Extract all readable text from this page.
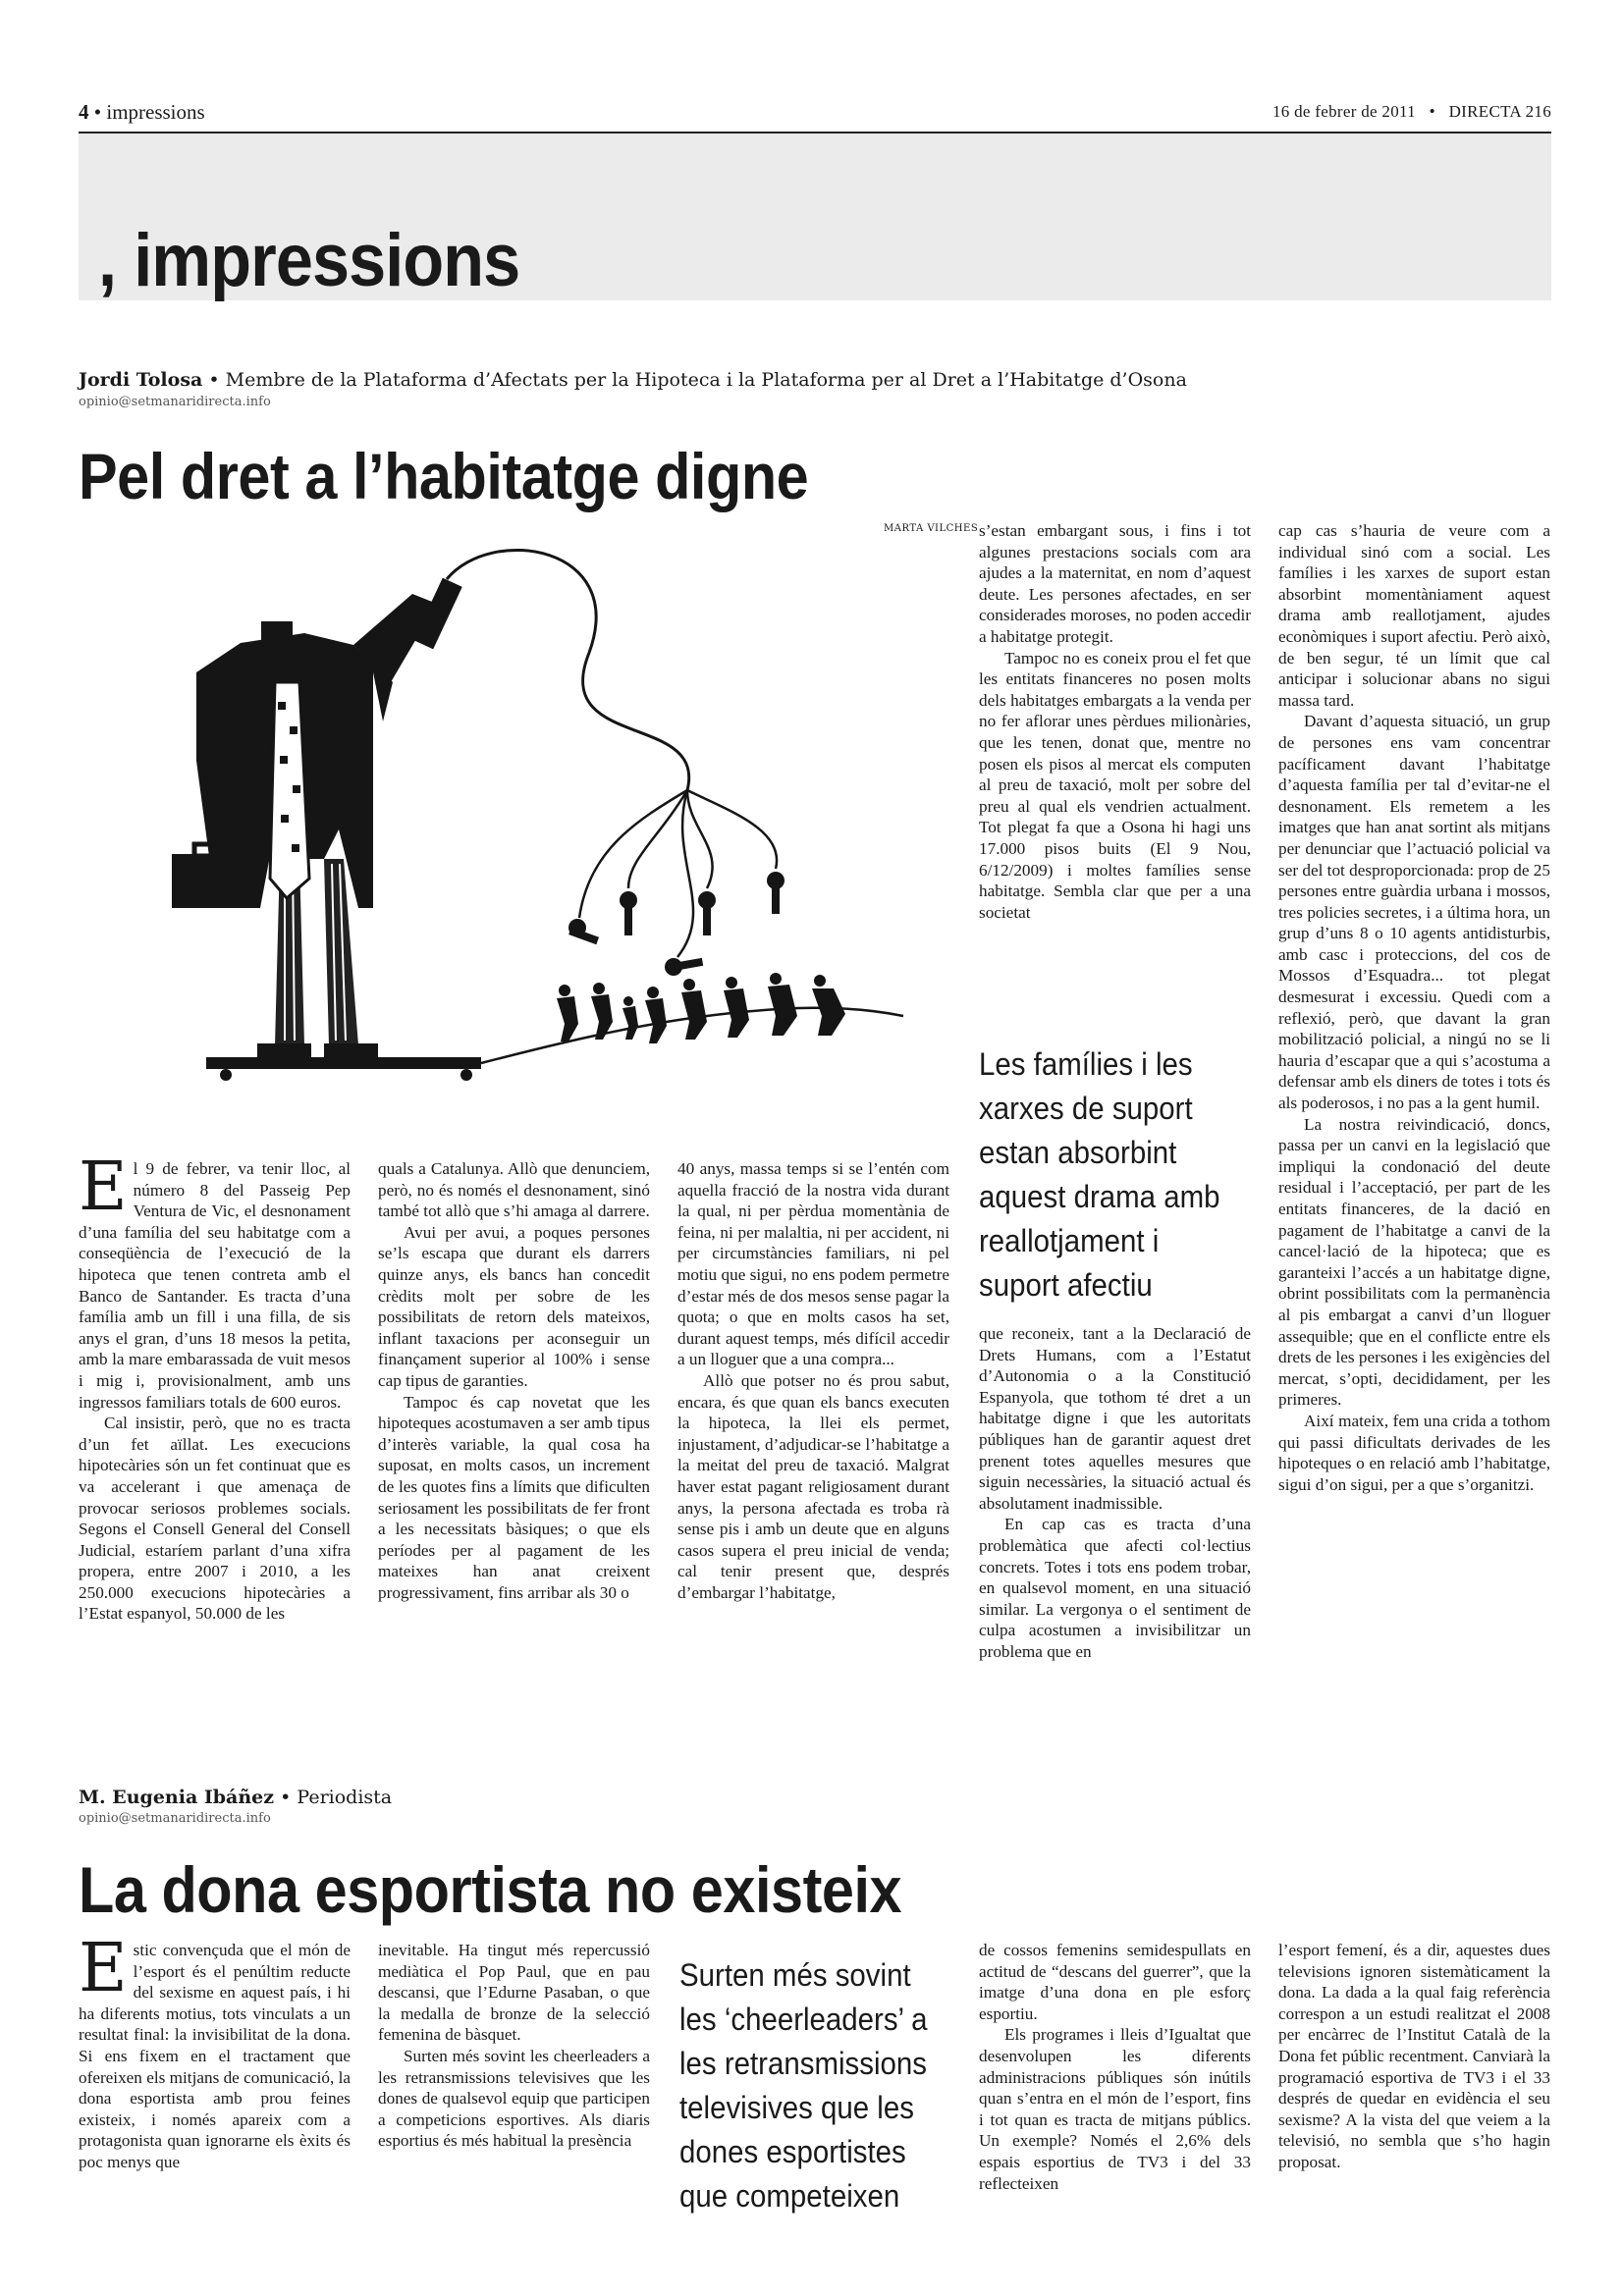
4 • impressions	16 de febrer de 2011 • DIRECTA 216
, impressions
Jordi Tolosa • Membre de la Plataforma d’Afectats per la Hipoteca i la Plataforma per al Dret a l’Habitatge d’Osona
opinio@setmanaridirecta.info
Pel dret a l’habitatge digne
MARTA VILCHES
E l 9 de febrer, va tenir lloc, al número 8 del Passeig Pep Ventura de Vic, el desnonament d’una família del seu habitatge com a conseqüència de l’execució de la hipoteca que tenen contreta amb el Banco de Santander. Es tracta d’una família amb un fill i una filla, de sis anys el gran, d’uns 18 mesos la petita, amb la mare embarassada de vuit mesos i mig i, provisionalment, amb uns ingressos familiars totals de 600 euros.

Cal insistir, però, que no es tracta d’un fet aïllat. Les execucions hipotecàries són un fet continuat que es va accelerant i que amenaça de provocar seriosos problemes socials. Segons el Consell General del Consell Judicial, estaríem parlant d’una xifra propera, entre 2007 i 2010, a les 250.000 execucions hipotecàries a l’Estat espanyol, 50.000 de les

quals a Catalunya. Allò que denunciem, però, no és només el desnonament, sinó també tot allò que s’hi amaga al darrere.

Avui per avui, a poques persones se’ls escapa que durant els darrers quinze anys, els bancs han concedit crèdits molt per sobre de les possibilitats de retorn dels mateixos, inflant taxacions per aconseguir un finançament superior al 100% i sense cap tipus de garanties.

Tampoc és cap novetat que les hipoteques acostumaven a ser amb tipus d’interès variable, la qual cosa ha suposat, en molts casos, un increment de les quotes fins a límits que dificulten seriosament les possibilitats de fer front a les necessitats bàsiques; o que els períodes per al pagament de les mateixes han anat creixent progressivament, fins arribar als 30 o

40 anys, massa temps si se l’entén com aquella fracció de la nostra vida durant la qual, ni per pèrdua momentània de feina, ni per malaltia, ni per accident, ni per circumstàncies familiars, ni pel motiu que sigui, no ens podem permetre d’estar més de dos mesos sense pagar la quota; o que en molts casos ha set, durant aquest temps, més difícil accedir a un lloguer que a una compra...

Allò que potser no és prou sabut, encara, és que quan els bancs executen la hipoteca, la llei els permet, injustament, d’adjudicar-se l’habitatge a la meitat del preu de taxació. Malgrat haver estat pagant religiosament durant anys, la persona afectada es troba rà sense pis i amb un deute que en alguns casos supera el preu inicial de venda; cal tenir present que, després d’embargar l’habitatge,

s’estan embargant sous, i fins i tot algunes prestacions socials com ara ajudes a la maternitat, en nom d’aquest deute. Les persones afectades, en ser considerades moroses, no poden accedir a habitatge protegit.

Tampoc no es coneix prou el fet que les entitats financeres no posen molts dels habitatges embargats a la venda per no fer aflorar unes pèrdues milionàries, que les tenen, donat que, mentre no posen els pisos al mercat els computen al preu de taxació, molt per sobre del preu al qual els vendrien actualment. Tot plegat fa que a Osona hi hagi uns 17.000 pisos buits (El 9 Nou, 6/12/2009) i moltes famílies sense habitatge. Sembla clar que per a una societat

Les famílies i les xarxes de suport estan absorbint aquest drama amb reallotjament i suport afectiu

que reconeix, tant a la Declaració de Drets Humans, com a l’Estatut d’Autonomia o a la Constitució Espanyola, que tothom té dret a un habitatge digne i que les autoritats públiques han de garantir aquest dret prenent totes aquelles mesures que siguin necessàries, la situació actual és absolutament inadmissible.

En cap cas es tracta d’una problemàtica que afecti col·lectius concrets. Totes i tots ens podem trobar, en qualsevol moment, en una situació similar. La vergonya o el sentiment de culpa acostumen a invisibilitzar un problema que en

cap cas s’hauria de veure com a individual sinó com a social. Les famílies i les xarxes de suport estan absorbint momentàniament aquest drama amb reallotjament, ajudes econòmiques i suport afectiu. Però això, de ben segur, té un límit que cal anticipar i solucionar abans no sigui massa tard.

Davant d’aquesta situació, un grup de persones ens vam concentrar pacíficament davant l’habitatge d’aquesta família per tal d’evitar-ne el desnonament. Els remetem a les imatges que han anat sortint als mitjans per denunciar que l’actuació policial va ser del tot desproporcionada: prop de 25 persones entre guàrdia urbana i mossos, tres policies secretes, i a última hora, un grup d’uns 8 o 10 agents antidisturbis, amb casc i proteccions, del cos de Mossos d’Esquadra... tot plegat desmesurat i excessiu. Quedi com a reflexió, però, que davant la gran mobilització policial, a ningú no se li hauria d’escapar que a qui s’acostuma a defensar amb els diners de totes i tots és als poderosos, i no pas a la gent humil.

La nostra reivindicació, doncs, passa per un canvi en la legislació que impliqui la condonació del deute residual i l’acceptació, per part de les entitats financeres, de la dació en pagament de l’habitatge a canvi de la cancel·lació de la hipoteca; que es garanteixi l’accés a un habitatge digne, obrint possibilitats com la permanència al pis embargat a canvi d’un lloguer assequible; que en el conflicte entre els drets de les persones i les exigències del mercat, s’opti, decididament, per les primeres.

Així mateix, fem una crida a tothom qui passi dificultats derivades de les hipoteques o en relació amb l’habitatge, sigui d’on sigui, per a que s’organitzi.

M. Eugenia Ibáñez • Periodista
opinio@setmanaridirecta.info
La dona esportista no existeix
E stic convençuda que el món de l’esport és el penúltim reducte del sexisme en aquest país, i hi ha diferents motius, tots vinculats a un resultat final: la invisibilitat de la dona. Si ens fixem en el tractament que ofereixen els mitjans de comunicació, la dona esportista amb prou feines existeix, i només apareix com a protagonista quan ignorarne els èxits és poc menys que

inevitable. Ha tingut més repercussió mediàtica el Pop Paul, que en pau descansi, que l’Edurne Pasaban, o que la medalla de bronze de la selecció femenina de bàsquet.

Surten més sovint les cheerleaders a les retransmissions televisives que les dones de qualsevol equip que participen a competicions esportives. Als diaris esportius és més habitual la presència

Surten més sovint les ‘cheerleaders’ a les retransmissions televisives que les dones esportistes que competeixen

de cossos femenins semidespullats en actitud de “descans del guerrer”, que la imatge d’una dona en ple esforç esportiu.

Els programes i lleis d’Igualtat que desenvolupen les diferents administracions públiques són inútils quan s’entra en el món de l’esport, fins i tot quan es tracta de mitjans públics. Un exemple? Només el 2,6% dels espais esportius de TV3 i del 33 reflecteixen

l’esport femení, és a dir, aquestes dues televisions ignoren sistemàticament la dona. La dada a la qual faig referència correspon a un estudi realitzat el 2008 per encàrrec de l’Institut Català de la Dona fet públic recentment. Canviarà la programació esportiva de TV3 i el 33 després de quedar en evidència el seu sexisme? A la vista del que veiem a la televisió, no sembla que s’ho hagin proposat.
